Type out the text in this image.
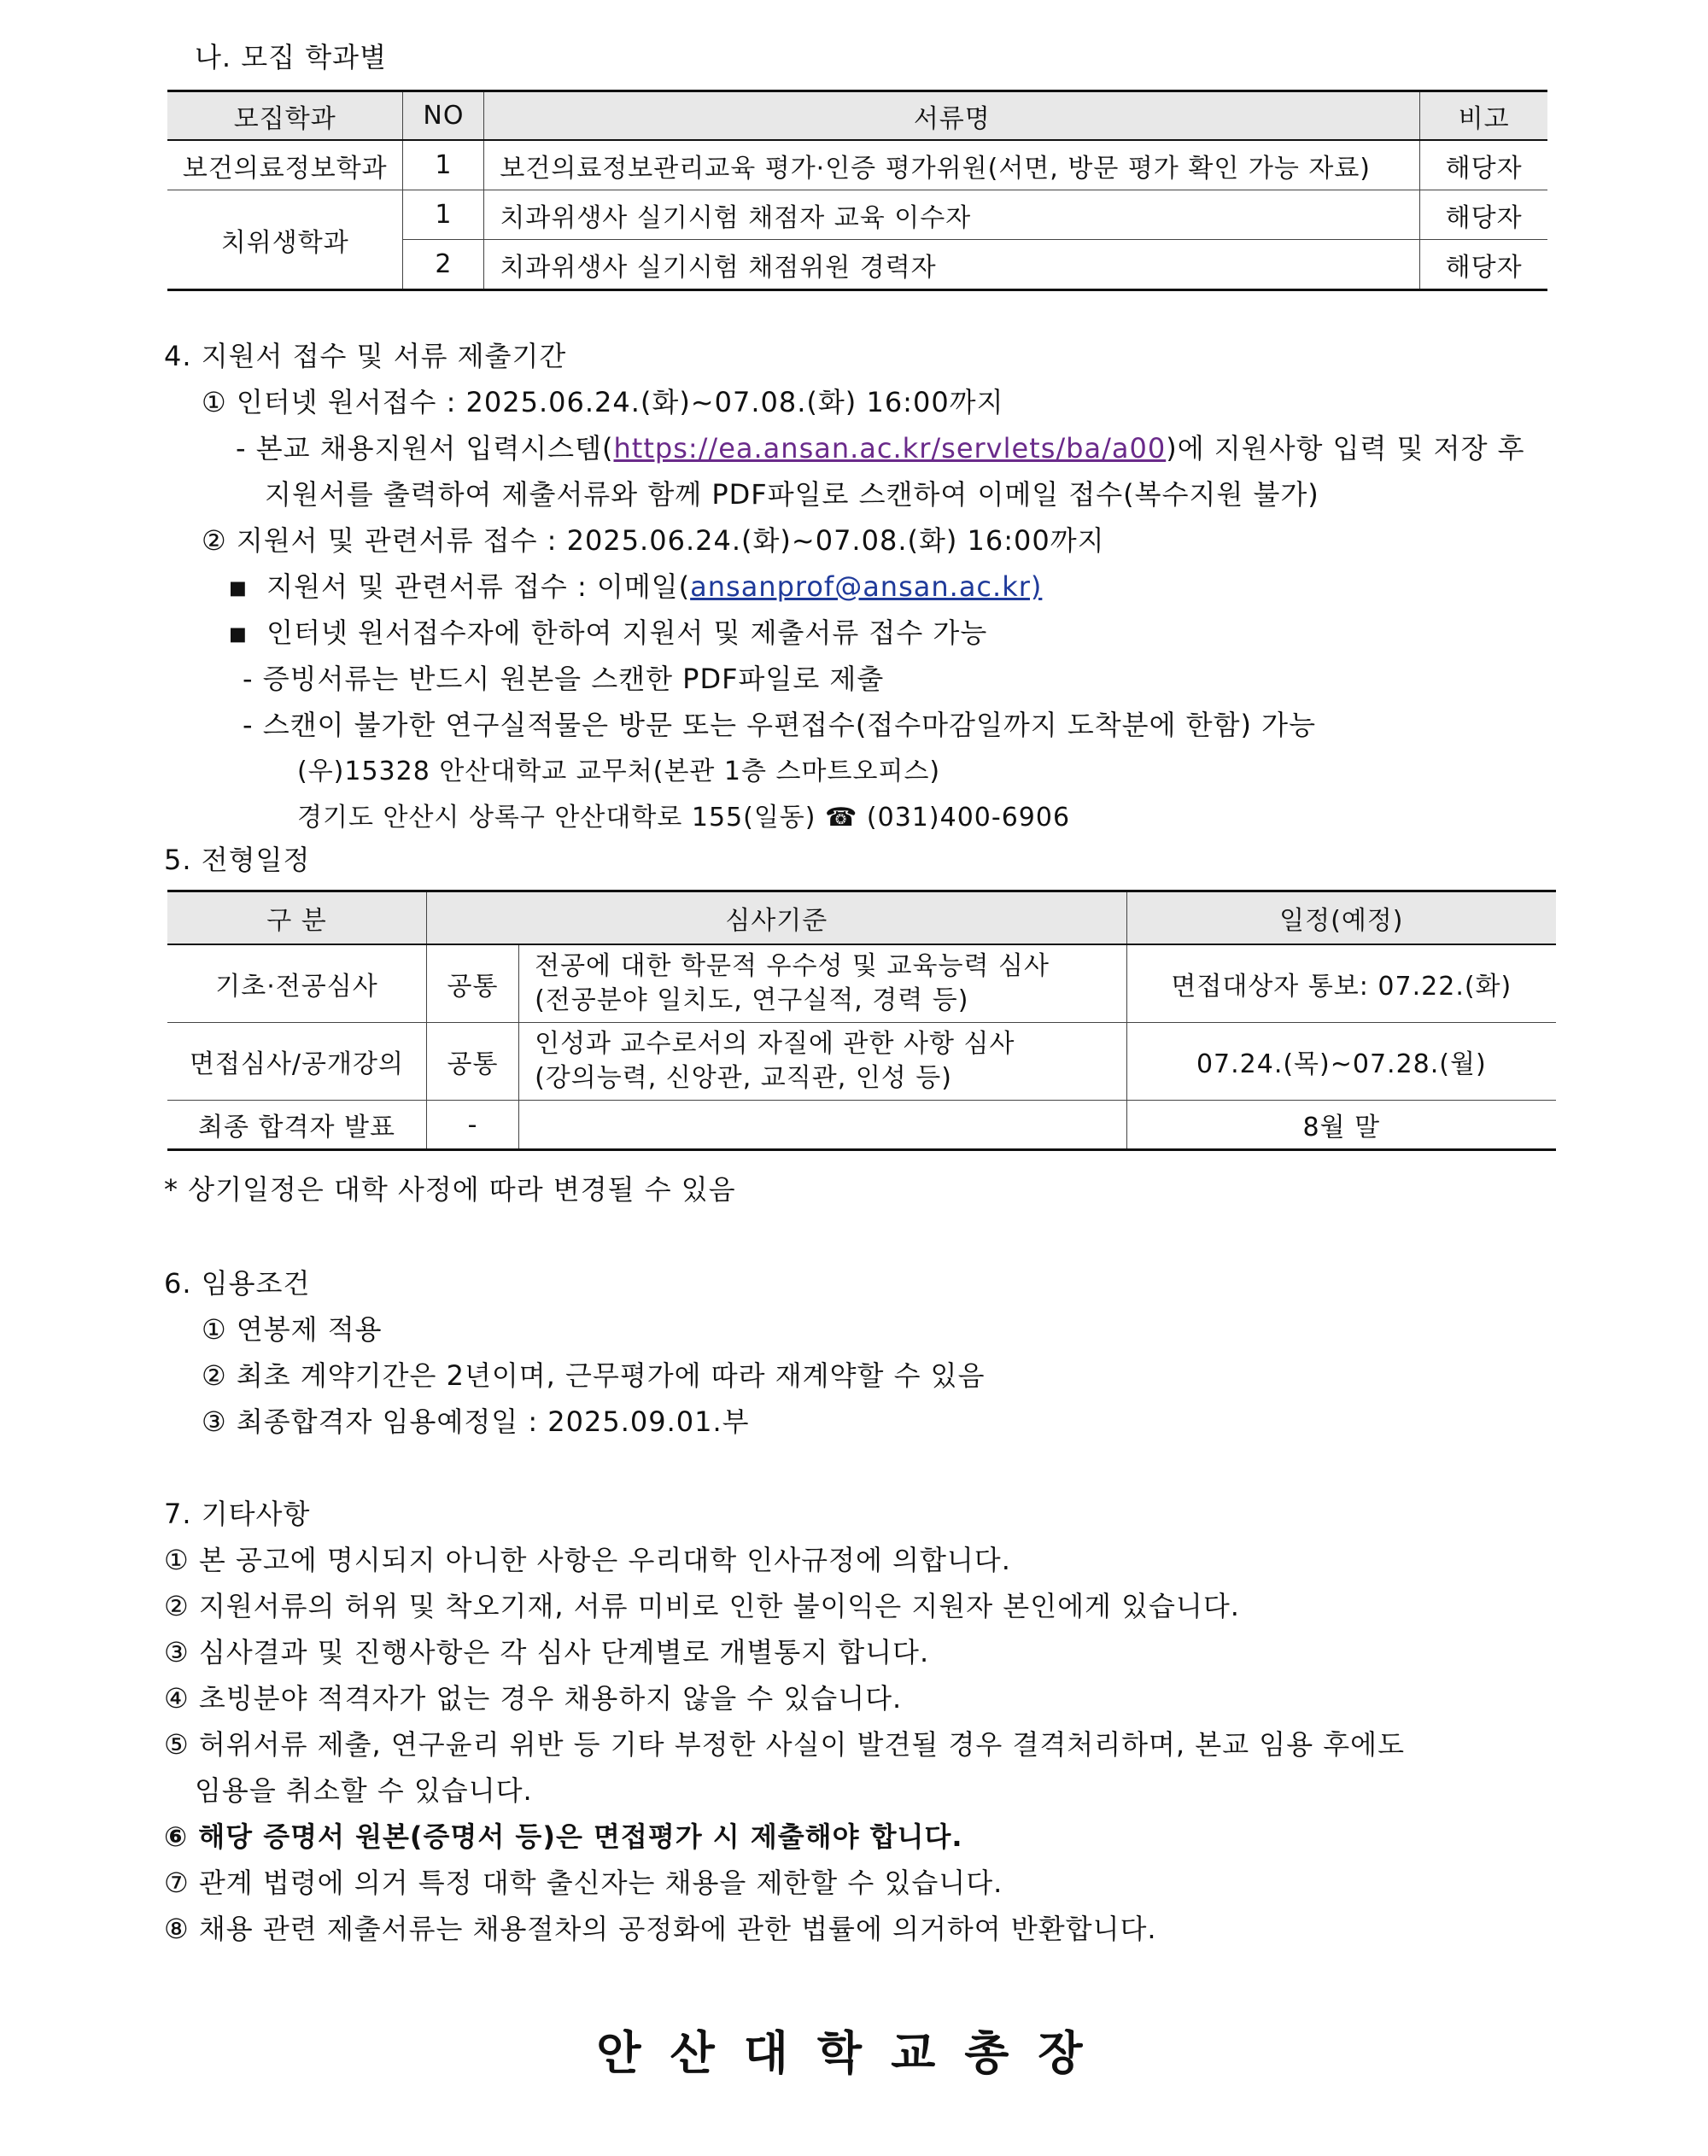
나. 모집 학과별
모집학과	NO	서류명	비고
보건의료정보학과	1	보건의료정보관리교육 평가·인증 평가위원(서면, 방문 평가 확인 가능 자료)	해당자
치위생학과	1	치과위생사 실기시험 채점자 교육 이수자	해당자
	2	치과위생사 실기시험 채점위원 경력자	해당자
4. 지원서 접수 및 서류 제출기간
① 인터넷 원서접수 : 2025.06.24.(화)~07.08.(화) 16:00까지
- 본교 채용지원서 입력시스템(https://ea.ansan.ac.kr/servlets/ba/a00)에 지원사항 입력 및 저장 후
지원서를 출력하여 제출서류와 함께 PDF파일로 스캔하여 이메일 접수(복수지원 불가)
② 지원서 및 관련서류 접수 : 2025.06.24.(화)~07.08.(화) 16:00까지
■ 지원서 및 관련서류 접수 : 이메일(ansanprof@ansan.ac.kr)
■ 인터넷 원서접수자에 한하여 지원서 및 제출서류 접수 가능
- 증빙서류는 반드시 원본을 스캔한 PDF파일로 제출
- 스캔이 불가한 연구실적물은 방문 또는 우편접수(접수마감일까지 도착분에 한함) 가능
(우)15328 안산대학교 교무처(본관 1층 스마트오피스)
경기도 안산시 상록구 안산대학로 155(일동) ☎ (031)400-6906
5. 전형일정
구 분	심사기준		일정(예정)
기초·전공심사	공통	전공에 대한 학문적 우수성 및 교육능력 심사
(전공분야 일치도, 연구실적, 경력 등)	면접대상자 통보: 07.22.(화)
면접심사/공개강의	공통	인성과 교수로서의 자질에 관한 사항 심사
(강의능력, 신앙관, 교직관, 인성 등)	07.24.(목)~07.28.(월)
최종 합격자 발표	-		8월 말
* 상기일정은 대학 사정에 따라 변경될 수 있음
6. 임용조건
① 연봉제 적용
② 최초 계약기간은 2년이며, 근무평가에 따라 재계약할 수 있음
③ 최종합격자 임용예정일 : 2025.09.01.부
7. 기타사항
① 본 공고에 명시되지 아니한 사항은 우리대학 인사규정에 의합니다.
② 지원서류의 허위 및 착오기재, 서류 미비로 인한 불이익은 지원자 본인에게 있습니다.
③ 심사결과 및 진행사항은 각 심사 단계별로 개별통지 합니다.
④ 초빙분야 적격자가 없는 경우 채용하지 않을 수 있습니다.
⑤ 허위서류 제출, 연구윤리 위반 등 기타 부정한 사실이 발견될 경우 결격처리하며, 본교 임용 후에도
임용을 취소할 수 있습니다.
⑥ 해당 증명서 원본(증명서 등)은 면접평가 시 제출해야 합니다.
⑦ 관계 법령에 의거 특정 대학 출신자는 채용을 제한할 수 있습니다.
⑧ 채용 관련 제출서류는 채용절차의 공정화에 관한 법률에 의거하여 반환합니다.
안산대학교총장
